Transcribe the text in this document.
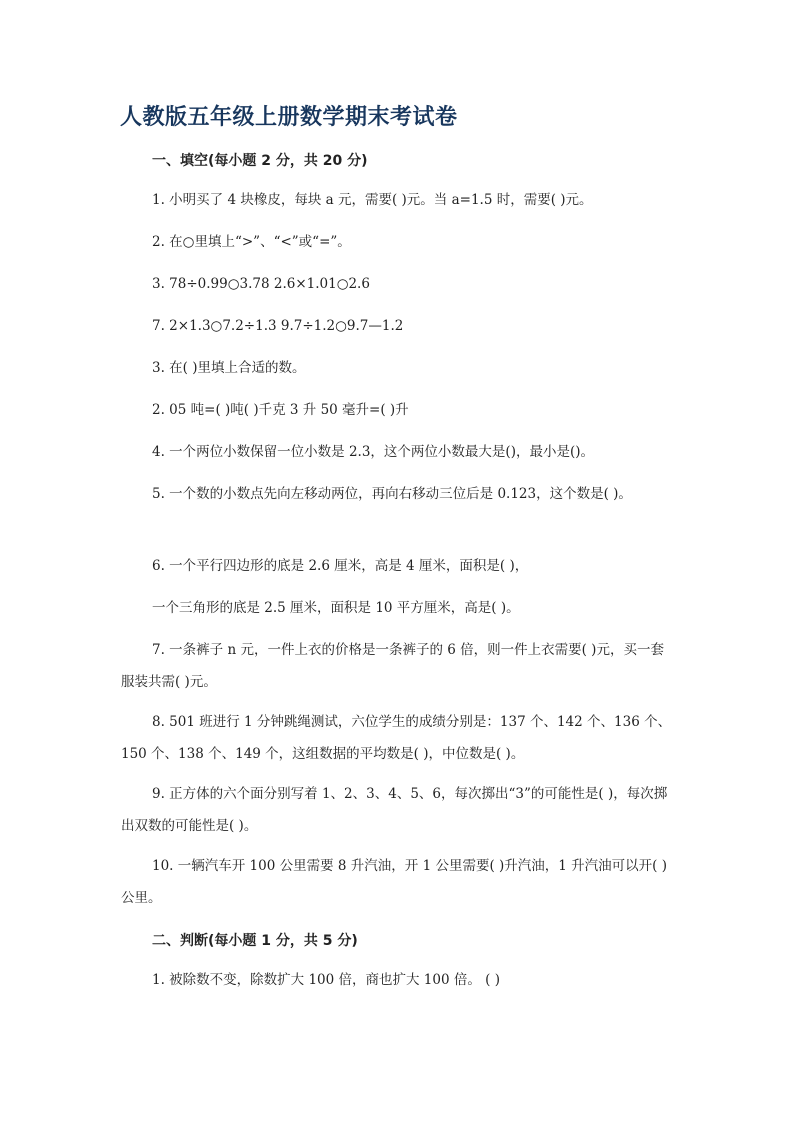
人教版五年级上册数学期末考试卷
一、填空(每小题 2 分，共 20 分)

1. 小明买了 4 块橡皮，每块 a 元，需要( )元。当 a=1.5 时，需要( )元。

2. 在○里填上“>”、“<”或“=”。

3. 78÷0.99○3.78 2.6×1.01○2.6

7. 2×1.3○7.2÷1.3 9.7÷1.2○9.7—1.2

3. 在( )里填上合适的数。

2. 05 吨=( )吨( )千克 3 升 50 毫升=( )升

4. 一个两位小数保留一位小数是 2.3，这个两位小数最大是()，最小是()。

5. 一个数的小数点先向左移动两位，再向右移动三位后是 0.123，这个数是( )。

6. 一个平行四边形的底是 2.6 厘米，高是 4 厘米，面积是( )，

一个三角形的底是 2.5 厘米，面积是 10 平方厘米，高是( )。

7. 一条裤子 n 元，一件上衣的价格是一条裤子的 6 倍，则一件上衣需要( )元，买一套服装共需( )元。

8. 501 班进行 1 分钟跳绳测试，六位学生的成绩分别是：137 个、142 个、136 个、150 个、138 个、149 个，这组数据的平均数是( )，中位数是( )。

9. 正方体的六个面分别写着 1、2、3、4、5、6，每次掷出“3”的可能性是( )，每次掷出双数的可能性是( )。

10. 一辆汽车开 100 公里需要 8 升汽油，开 1 公里需要( )升汽油，1 升汽油可以开( )公里。

二、判断(每小题 1 分，共 5 分)

1. 被除数不变，除数扩大 100 倍，商也扩大 100 倍。 ( )
